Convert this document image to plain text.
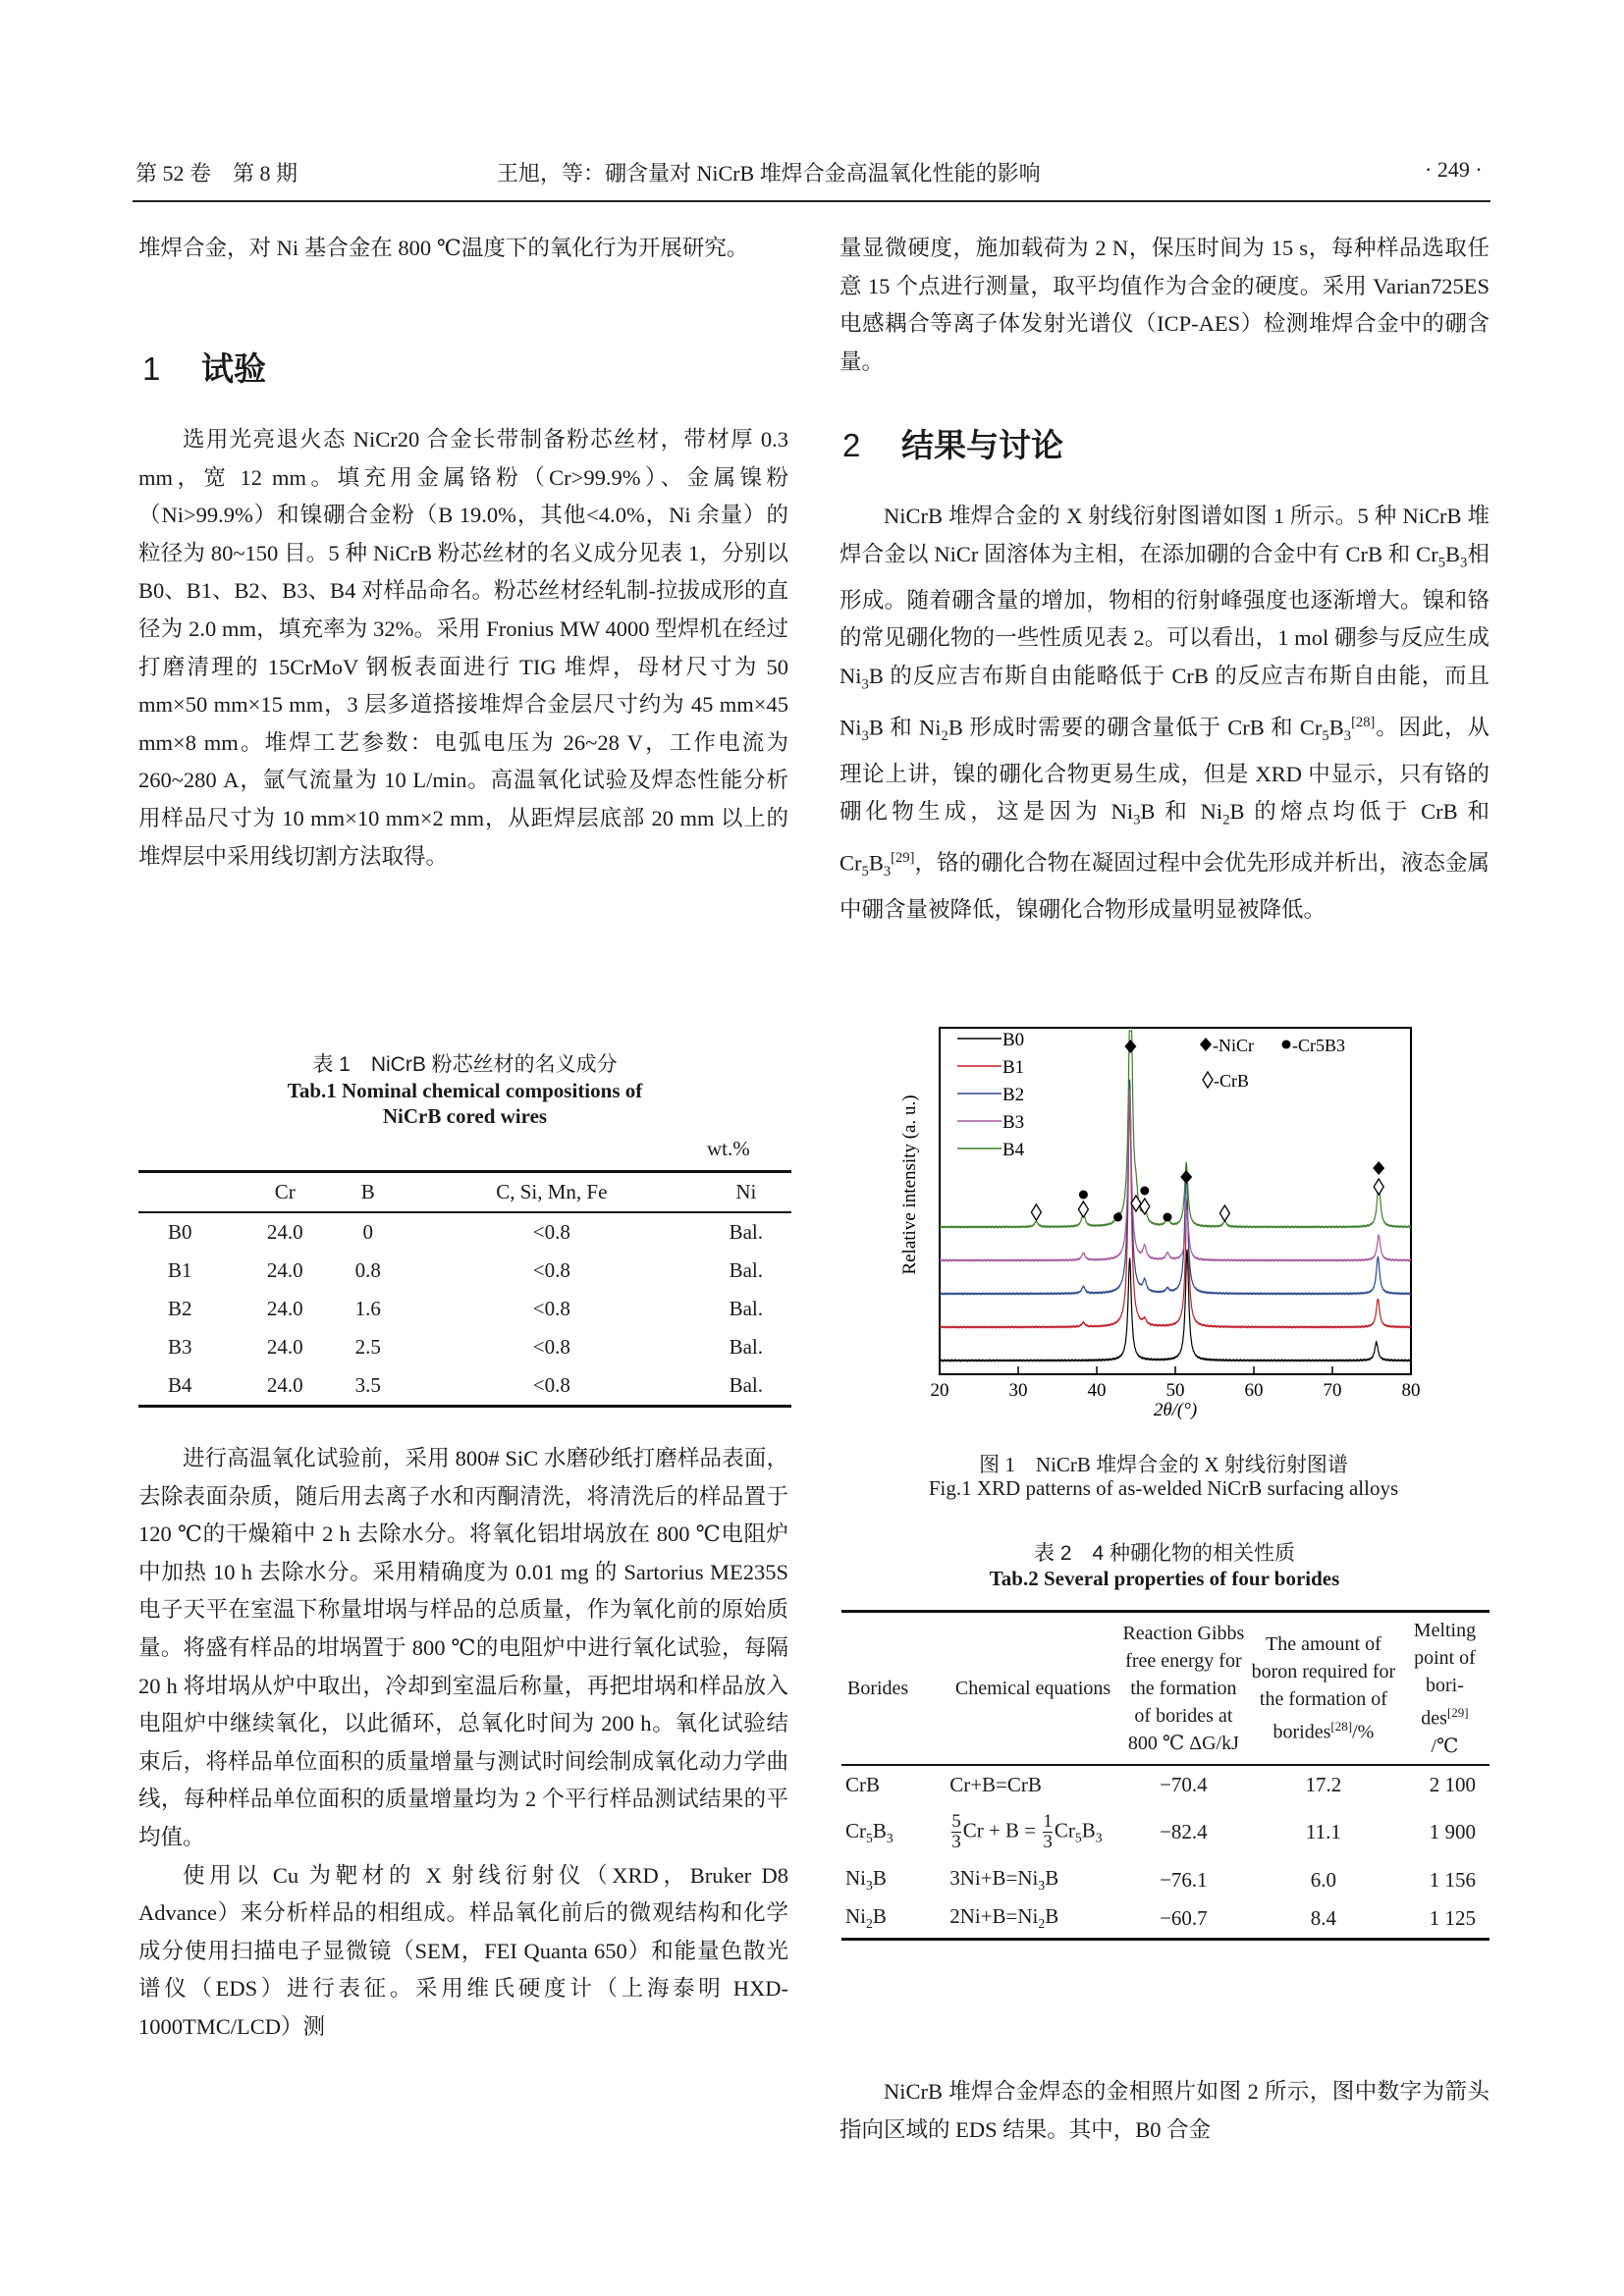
第 52 卷　第 8 期	王旭，等：硼含量对 NiCrB 堆焊合金高温氧化性能的影响	· 249 ·

堆焊合金，对 Ni 基合金在 800 ℃温度下的氧化行为开展研究。

1 试验

选用光亮退火态 NiCr20 合金长带制备粉芯丝材，带材厚 0.3 mm，宽 12 mm。填充用金属铬粉（Cr>99.9%）、金属镍粉（Ni>99.9%）和镍硼合金粉（B 19.0%，其他<4.0%，Ni 余量）的粒径为 80~150 目。5 种 NiCrB 粉芯丝材的名义成分见表 1，分别以 B0、B1、B2、B3、B4 对样品命名。粉芯丝材经轧制-拉拔成形的直径为 2.0 mm，填充率为 32%。采用 Fronius MW 4000 型焊机在经过打磨清理的 15CrMoV 钢板表面进行 TIG 堆焊，母材尺寸为 50 mm×50 mm×15 mm，3 层多道搭接堆焊合金层尺寸约为 45 mm×45 mm×8 mm。堆焊工艺参数：电弧电压为 26~28 V，工作电流为 260~280 A，氩气流量为 10 L/min。高温氧化试验及焊态性能分析用样品尺寸为 10 mm×10 mm×2 mm，从距焊层底部 20 mm 以上的堆焊层中采用线切割方法取得。

表 1　NiCrB 粉芯丝材的名义成分
Tab.1 Nominal chemical compositions of
NiCrB cored wires
wt.%
	Cr	B	C, Si, Mn, Fe	Ni
B0	24.0	0	<0.8	Bal.
B1	24.0	0.8	<0.8	Bal.
B2	24.0	1.6	<0.8	Bal.
B3	24.0	2.5	<0.8	Bal.
B4	24.0	3.5	<0.8	Bal.

进行高温氧化试验前，采用 800# SiC 水磨砂纸打磨样品表面，去除表面杂质，随后用去离子水和丙酮清洗，将清洗后的样品置于 120 ℃的干燥箱中 2 h 去除水分。将氧化铝坩埚放在 800 ℃电阻炉中加热 10 h 去除水分。采用精确度为 0.01 mg 的 Sartorius ME235S 电子天平在室温下称量坩埚与样品的总质量，作为氧化前的原始质量。将盛有样品的坩埚置于 800 ℃的电阻炉中进行氧化试验，每隔 20 h 将坩埚从炉中取出，冷却到室温后称量，再把坩埚和样品放入电阻炉中继续氧化，以此循环，总氧化时间为 200 h。氧化试验结束后，将样品单位面积的质量增量与测试时间绘制成氧化动力学曲线，每种样品单位面积的质量增量均为 2 个平行样品测试结果的平均值。

使用以 Cu 为靶材的 X 射线衍射仪（XRD，Bruker D8 Advance）来分析样品的相组成。样品氧化前后的微观结构和化学成分使用扫描电子显微镜（SEM，FEI Quanta 650）和能量色散光谱仪（EDS）进行表征。采用维氏硬度计（上海泰明 HXD-1000TMC/LCD）测

量显微硬度，施加载荷为 2 N，保压时间为 15 s，每种样品选取任意 15 个点进行测量，取平均值作为合金的硬度。采用 Varian725ES 电感耦合等离子体发射光谱仪（ICP-AES）检测堆焊合金中的硼含量。

2 结果与讨论

NiCrB 堆焊合金的 X 射线衍射图谱如图 1 所示。5 种 NiCrB 堆焊合金以 NiCr 固溶体为主相，在添加硼的合金中有 CrB 和 $Cr_5B_3$相形成。随着硼含量的增加，物相的衍射峰强度也逐渐增大。镍和铬的常见硼化物的一些性质见表 2。可以看出，1 mol 硼参与反应生成 $Ni_3B$ 的反应吉布斯自由能略低于 CrB 的反应吉布斯自由能，而且 $Ni_3B$ 和 $Ni_2B$ 形成时需要的硼含量低于 CrB 和 $Cr_5B_3[28]$。因此，从理论上讲，镍的硼化合物更易生成，但是 XRD 中显示，只有铬的硼化物生成，这是因为 $Ni_3B$ 和 $Ni_2B$ 的熔点均低于 CrB 和 $Cr_5B_3[29]$，铬的硼化合物在凝固过程中会优先形成并析出，液态金属中硼含量被降低，镍硼化合物形成量明显被降低。

20	30	40	50	60	70	80
B0
B1
B2
B3
B4
-NiCr -Cr5B3
-CrB
Relative intensity (a. u.)
2θ/(°)
图 1　NiCrB 堆焊合金的 X 射线衍射图谱
Fig.1 XRD patterns of as-welded NiCrB surfacing alloys
表 2　4 种硼化物的相关性质
Tab.2 Several properties of four borides
Borides	Chemical equations	Reaction Gibbs free energy for the formation of borides at 800 ℃ ΔG/kJ	The amount of boron required for the formation of borides[28]/%	Melting point of bori-des[29]
/℃
CrB	Cr+B=CrB	−70.4	17.2	2 100
$Cr_5B_3$	$\frac{5}{3}$ $Cr + B = \frac{1}{3} Cr_5B_3$	−82.4	11.1	1 900
$Ni_3B$	$3Ni+B=Ni_3B$	−76.1	6.0	1 156
$Ni_2B$	$2Ni+B=Ni_2B$	−60.7	8.4	1 125

NiCrB 堆焊合金焊态的金相照片如图 2 所示，图中数字为箭头指向区域的 EDS 结果。其中，B0 合金
